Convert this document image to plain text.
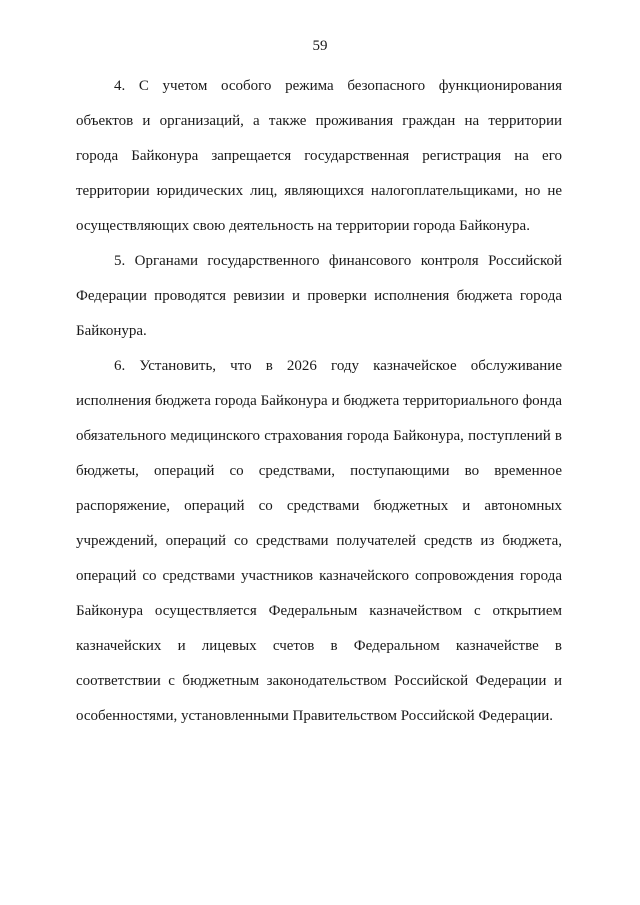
59

4. С учетом особого режима безопасного функционирования объектов и организаций, а также проживания граждан на территории города Байконура запрещается государственная регистрация на его территории юридических лиц, являющихся налогоплательщиками, но не осуществляющих свою деятельность на территории города Байконура.

5. Органами государственного финансового контроля Российской Федерации проводятся ревизии и проверки исполнения бюджета города Байконура.

6. Установить, что в 2026 году казначейское обслуживание исполнения бюджета города Байконура и бюджета территориального фонда обязательного медицинского страхования города Байконура, поступлений в бюджеты, операций со средствами, поступающими во временное распоряжение, операций со средствами бюджетных и автономных учреждений, операций со средствами получателей средств из бюджета, операций со средствами участников казначейского сопровождения города Байконура осуществляется Федеральным казначейством с открытием казначейских и лицевых счетов в Федеральном казначействе в соответствии с бюджетным законодательством Российской Федерации и особенностями, установленными Правительством Российской Федерации.
